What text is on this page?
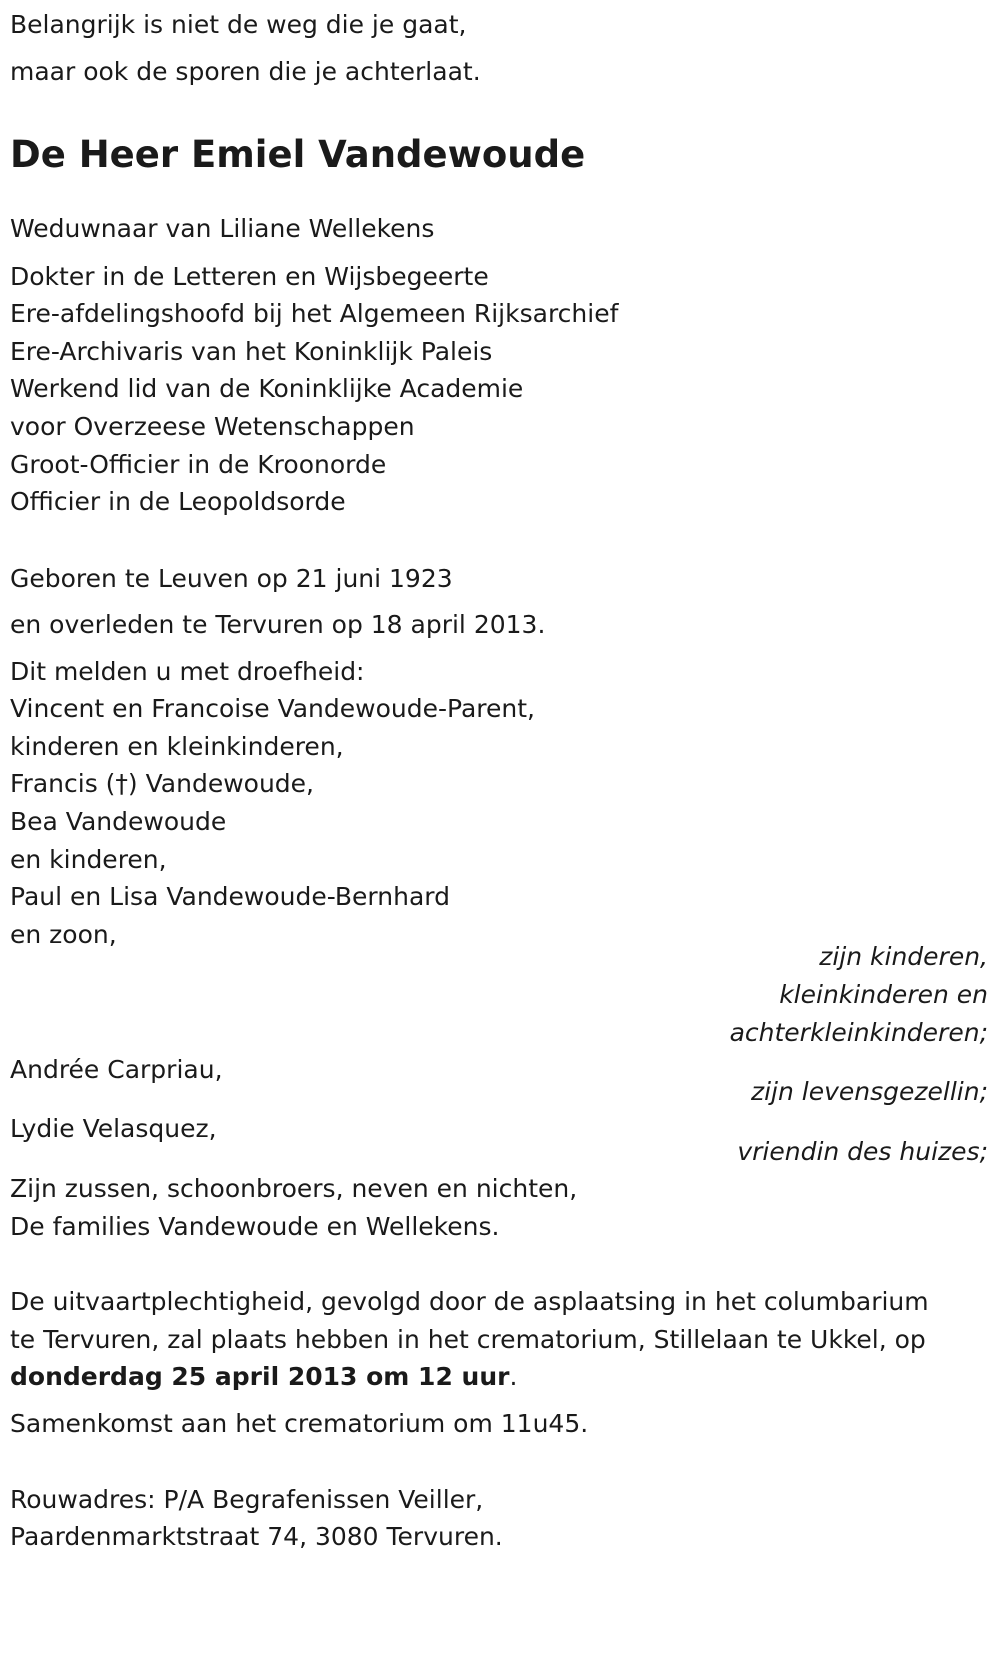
Belangrijk is niet de weg die je gaat,
maar ook de sporen die je achterlaat.
De Heer Emiel Vandewoude
Weduwnaar van Liliane Wellekens
Dokter in de Letteren en Wijsbegeerte
Ere-afdelingshoofd bij het Algemeen Rijksarchief
Ere-Archivaris van het Koninklijk Paleis
Werkend lid van de Koninklijke Academie
voor Overzeese Wetenschappen
Groot-Officier in de Kroonorde
Officier in de Leopoldsorde
Geboren te Leuven op 21 juni 1923
en overleden te Tervuren op 18 april 2013.
Dit melden u met droefheid:
Vincent en Francoise Vandewoude-Parent,
kinderen en kleinkinderen,
Francis (†) Vandewoude,
Bea Vandewoude
en kinderen,
Paul en Lisa Vandewoude-Bernhard
en zoon,
zijn kinderen,
kleinkinderen en
achterkleinkinderen;
Andrée Carpriau,
zijn levensgezellin;
Lydie Velasquez,
vriendin des huizes;
Zijn zussen, schoonbroers, neven en nichten,
De families Vandewoude en Wellekens.
De uitvaartplechtigheid, gevolgd door de asplaatsing in het columbarium
te Tervuren, zal plaats hebben in het crematorium, Stillelaan te Ukkel, op
donderdag 25 april 2013 om 12 uur.
Samenkomst aan het crematorium om 11u45.
Rouwadres: P/A Begrafenissen Veiller,
Paardenmarktstraat 74, 3080 Tervuren.
